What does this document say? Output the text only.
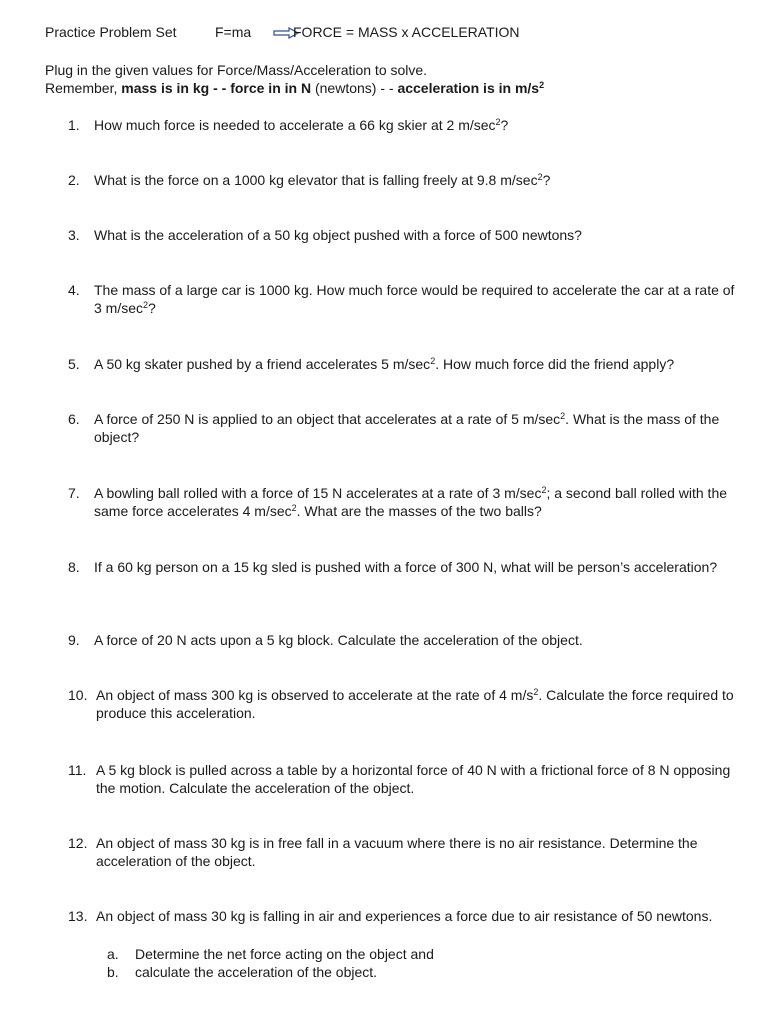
Practice Problem Set	F=ma	FORCE = MASS x ACCELERATION
Plug in the given values for Force/Mass/Acceleration to solve.
Remember, mass is in kg - - force in in N (newtons) - - acceleration is in $m/s^2$
1. How much force is needed to accelerate a 66 kg skier at 2 $m/\sec^2$?
2. What is the force on a 1000 kg elevator that is falling freely at 9.8 $m/\sec^2$?
3. What is the acceleration of a 50 kg object pushed with a force of 500 newtons?
4. The mass of a large car is 1000 kg. How much force would be required to accelerate the car at a rate of 3 $m/\sec^2$?
5. A 50 kg skater pushed by a friend accelerates 5 $m/\sec^2$. How much force did the friend apply?
6. A force of 250 N is applied to an object that accelerates at a rate of 5 $m/\sec^2$. What is the mass of the object?
7. A bowling ball rolled with a force of 15 N accelerates at a rate of 3 $m/\sec^2$; a second ball rolled with the same force accelerates 4 $m/\sec^2$. What are the masses of the two balls?
8. If a 60 kg person on a 15 kg sled is pushed with a force of 300 N, what will be person’s acceleration?
9. A force of 20 N acts upon a 5 kg block. Calculate the acceleration of the object.
10. An object of mass 300 kg is observed to accelerate at the rate of 4 $m/s^2$. Calculate the force required to produce this acceleration.
11. A 5 kg block is pulled across a table by a horizontal force of 40 N with a frictional force of 8 N opposing the motion. Calculate the acceleration of the object.
12. An object of mass 30 kg is in free fall in a vacuum where there is no air resistance. Determine the acceleration of the object.
13. An object of mass 30 kg is falling in air and experiences a force due to air resistance of 50 newtons.
a. Determine the net force acting on the object and
b. calculate the acceleration of the object.
